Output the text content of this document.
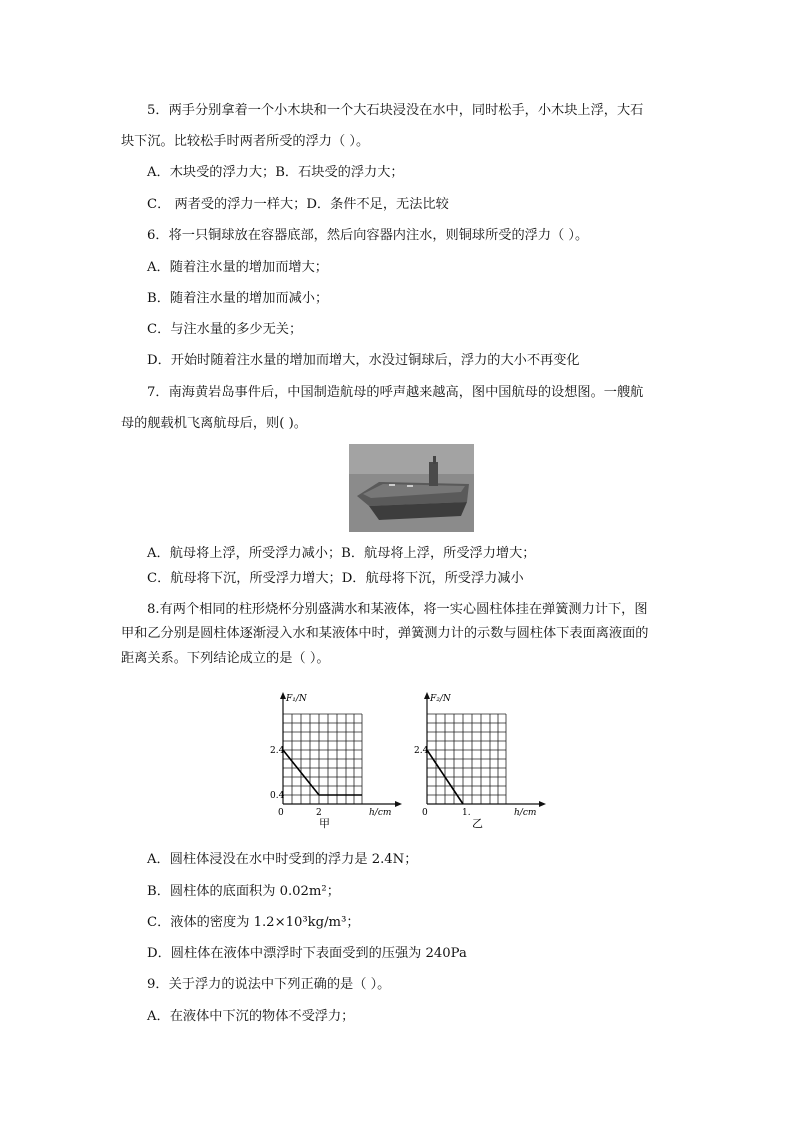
5．两手分别拿着一个小木块和一个大石块浸没在水中，同时松手，小木块上浮，大石
块下沉。比较松手时两者所受的浮力（ ）。
A．木块受的浮力大；B．石块受的浮力大；
C． 两者受的浮力一样大；D．条件不足，无法比较
6．将一只铜球放在容器底部，然后向容器内注水，则铜球所受的浮力（ ）。
A．随着注水量的增加而增大；
B．随着注水量的增加而减小；
C．与注水量的多少无关；
D．开始时随着注水量的增加而增大，水没过铜球后，浮力的大小不再变化
7．南海黄岩岛事件后，中国制造航母的呼声越来越高，图中国航母的设想图。一艘航
母的舰载机飞离航母后，则( )。
A．航母将上浮，所受浮力减小；B．航母将上浮，所受浮力增大；
C．航母将下沉，所受浮力增大；D．航母将下沉，所受浮力减小
8.有两个相同的柱形烧杯分别盛满水和某液体，将一实心圆柱体挂在弹簧测力计下，图
甲和乙分别是圆柱体逐渐浸入水和某液体中时，弹簧测力计的示数与圆柱体下表面离液面的
距离关系。下列结论成立的是（ ）。
F₁/N
2.4
0.4
0	2	h/cm
甲
F₂/N
2.4
0	1.	h/cm
乙
A．圆柱体浸没在水中时受到的浮力是 2.4N；
B．圆柱体的底面积为 0.02m²；
C．液体的密度为 1.2×10³kg/m³；
D．圆柱体在液体中漂浮时下表面受到的压强为 240Pa
9．关于浮力的说法中下列正确的是（ ）。
A．在液体中下沉的物体不受浮力；
